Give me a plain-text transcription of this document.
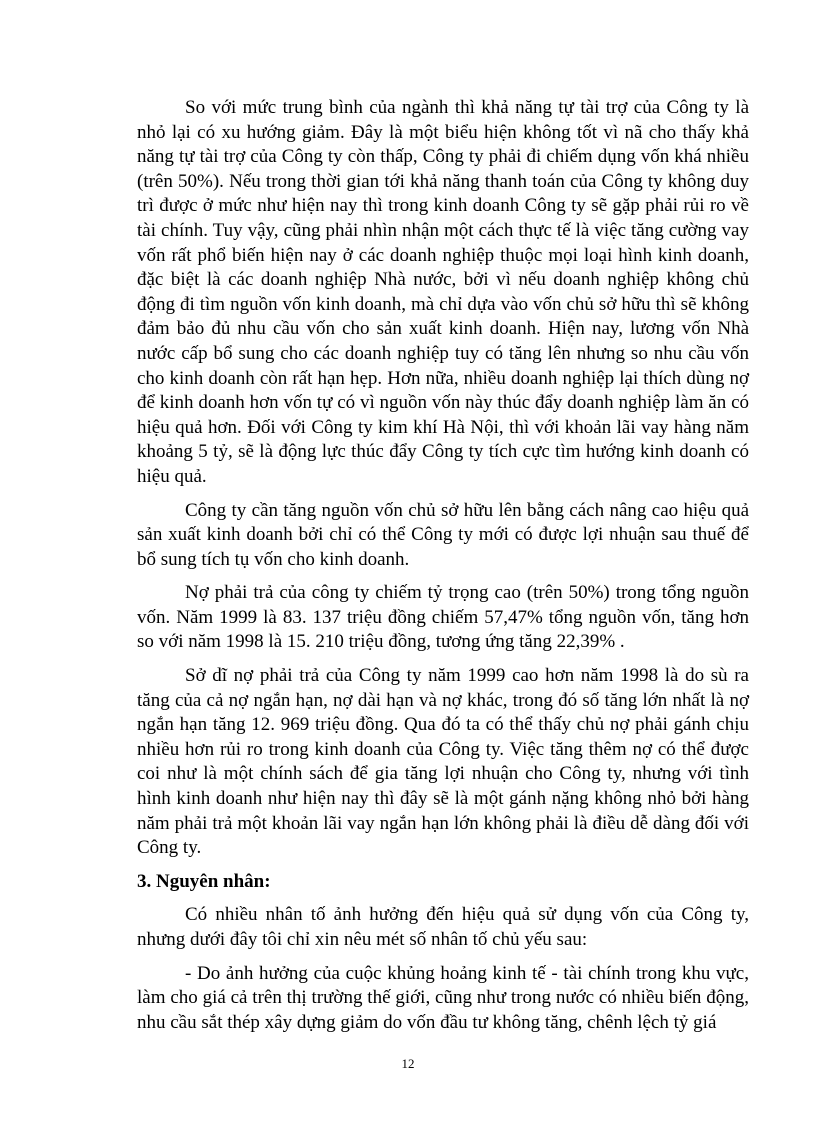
So với mức trung bình của ngành thì khả năng tự tài trợ của Công ty là nhỏ lại có xu hướng giảm. Đây là một biểu hiện không tốt vì nã cho thấy khả năng tự tài trợ của Công ty còn thấp, Công ty phải đi chiếm dụng vốn khá nhiều (trên 50%). Nếu trong thời gian tới khả năng thanh toán của Công ty không duy trì được ở mức như hiện nay thì trong kinh doanh Công ty sẽ gặp phải rủi ro về tài chính. Tuy vậy, cũng phải nhìn nhận một cách thực tế là việc tăng cường vay vốn rất phổ biến hiện nay ở các doanh nghiệp thuộc mọi loại hình kinh doanh, đặc biệt là các doanh nghiệp Nhà nước, bởi vì nếu doanh nghiệp không chủ động đi tìm nguồn vốn kinh doanh, mà chỉ dựa vào vốn chủ sở hữu thì sẽ không đảm bảo đủ nhu cầu vốn cho sản xuất kinh doanh. Hiện nay, lương vốn Nhà nước cấp bổ sung cho các doanh nghiệp tuy có tăng lên nhưng so nhu cầu vốn cho kinh doanh còn rất hạn hẹp. Hơn nữa, nhiều doanh nghiệp lại thích dùng nợ để kinh doanh hơn vốn tự có vì nguồn vốn này thúc đẩy doanh nghiệp làm ăn có hiệu quả hơn. Đối với Công ty kim khí Hà Nội, thì với khoản lãi vay hàng năm khoảng 5 tỷ, sẽ là động lực thúc đẩy Công ty tích cực tìm hướng kinh doanh có hiệu quả.

Công ty cần tăng nguồn vốn chủ sở hữu lên bằng cách nâng cao hiệu quả sản xuất kinh doanh bởi chỉ có thể Công ty mới có được lợi nhuận sau thuế để bổ sung tích tụ vốn cho kinh doanh.

Nợ phải trả của công ty chiếm tỷ trọng cao (trên 50%) trong tổng nguồn vốn. Năm 1999 là 83. 137 triệu đồng chiếm 57,47% tổng nguồn vốn, tăng hơn so với năm 1998 là 15. 210 triệu đồng, tương ứng tăng 22,39% .

Sở dĩ nợ phải trả của Công ty năm 1999 cao hơn năm 1998 là do sù ra tăng của cả nợ ngắn hạn, nợ dài hạn và nợ khác, trong đó số tăng lớn nhất là nợ ngắn hạn tăng 12. 969 triệu đồng. Qua đó ta có thể thấy chủ nợ phải gánh chịu nhiều hơn rủi ro trong kinh doanh của Công ty. Việc tăng thêm nợ có thể được coi như là một chính sách để gia tăng lợi nhuận cho Công ty, nhưng với tình hình kinh doanh như hiện nay thì đây sẽ là một gánh nặng không nhỏ bởi hàng năm phải trả một khoản lãi vay ngắn hạn lớn không phải là điều dễ dàng đối với Công ty.

3. Nguyên nhân:

Có nhiều nhân tố ảnh hưởng đến hiệu quả sử dụng vốn của Công ty, nhưng dưới đây tôi chỉ xin nêu mét số nhân tố chủ yếu sau:

- Do ảnh hưởng của cuộc khủng hoảng kinh tế - tài chính trong khu vực, làm cho giá cả trên thị trường thế giới, cũng như trong nước có nhiều biến động, nhu cầu sắt thép xây dựng giảm do vốn đầu tư không tăng, chênh lệch tỷ giá

12
